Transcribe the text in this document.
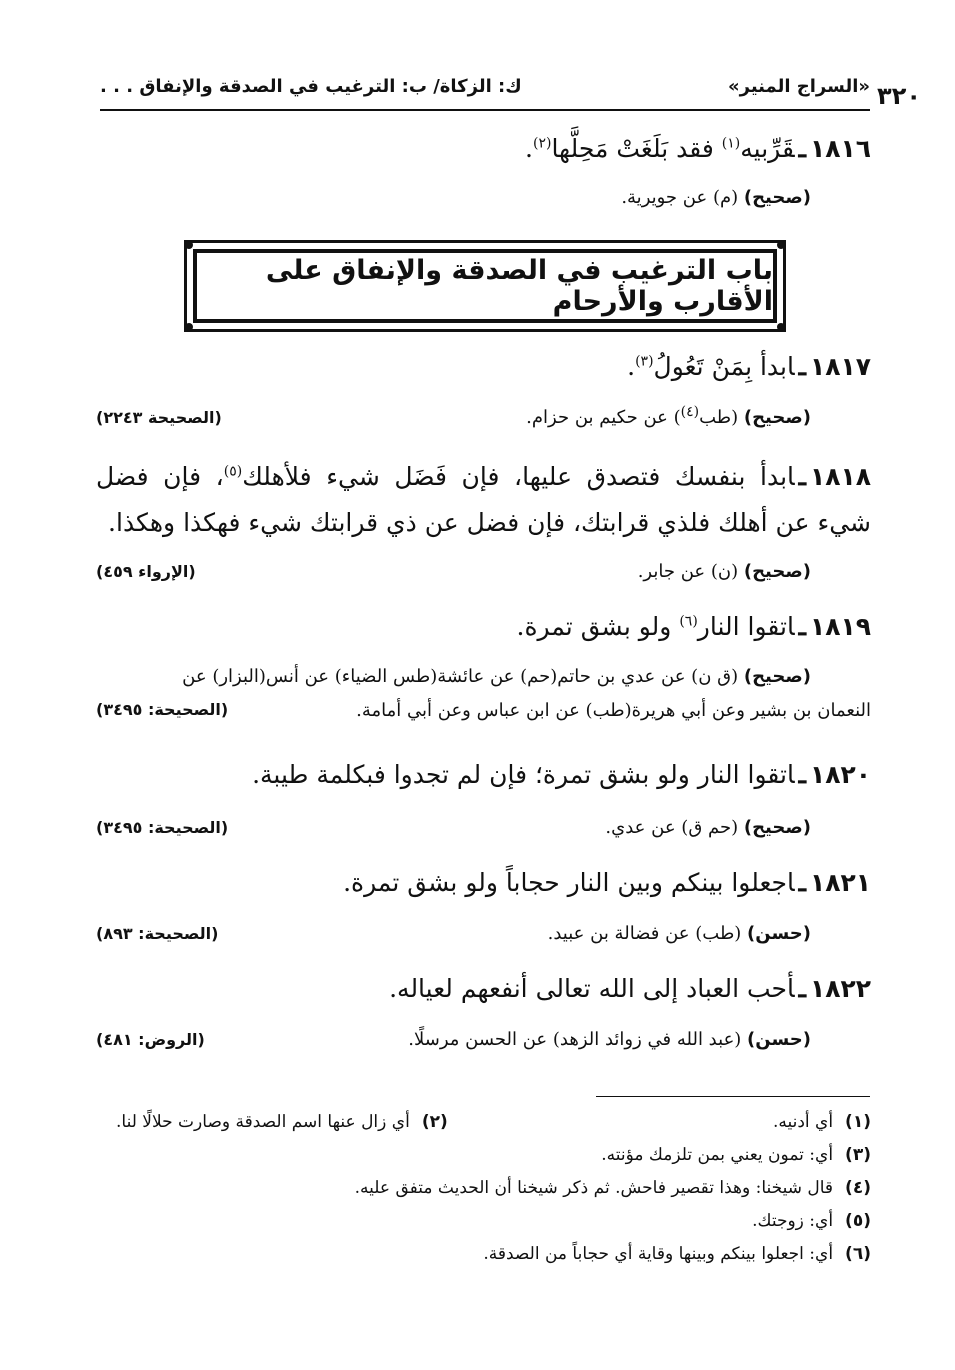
«السراج المنير»
ك: الزكاة/ ب: الترغيب في الصدقة والإنفاق . . .	٣٢٠
١٨١٦ـقَرِّبيه$^{(١)}$ فقد بَلَغَتْ مَحِلَّها$^{(٢)}$.
(صحيح) (م) عن جويرية.
باب الترغيب في الصدقة والإنفاق على الأقارب والأرحام
١٨١٧ـابدأ بِمَنْ تَعُولُ$^{(٣)}$.
(صحيح) (طب$^{(٤)}$) عن حكيم بن حزام.
(الصحيحة ٢٢٤٣)
١٨١٨ـابدأ بنفسك فتصدق عليها، فإن فَضَل شيء فلأهلك$^{(٥)}$، فإن فضل شيء عن أهلك فلذي قرابتك، فإن فضل عن ذي قرابتك شيء فهكذا وهكذا.
(صحيح) (ن) عن جابر.
(الإرواء ٤٥٩)
١٨١٩ـاتقوا النار$^{(٦)}$ ولو بشق تمرة.
(صحيح) (ق ن) عن عدي بن حاتم(حم) عن عائشة(طس الضياء) عن أنس(البزار) عن
النعمان بن بشير وعن أبي هريرة(طب) عن ابن عباس وعن أبي أمامة.
(الصحيحة: ٣٤٩٥)
١٨٢٠ـاتقوا النار ولو بشق تمرة؛ فإن لم تجدوا فبكلمة طيبة.
(صحيح) (حم ق) عن عدي.
(الصحيحة: ٣٤٩٥)
١٨٢١ـاجعلوا بينكم وبين النار حجاباً ولو بشق تمرة.
(حسن) (طب) عن فضالة بن عبيد.
(الصحيحة: ٨٩٣)
١٨٢٢ـأحب العباد إلى الله تعالى أنفعهم لعياله.
(حسن) (عبد الله في زوائد الزهد) عن الحسن مرسلًا.
(الروض: ٤٨١)
(١)أي أدنيه.
(٢)أي زال عنها اسم الصدقة وصارت حلالًا لنا.
(٣)أي: تمون يعني بمن تلزمك مؤنته.
(٤)قال شيخنا: وهذا تقصير فاحش. ثم ذكر شيخنا أن الحديث متفق عليه.
(٥)أي: زوجتك.
(٦)أي: اجعلوا بينكم وبينها وقاية أي حجاباً من الصدقة.
